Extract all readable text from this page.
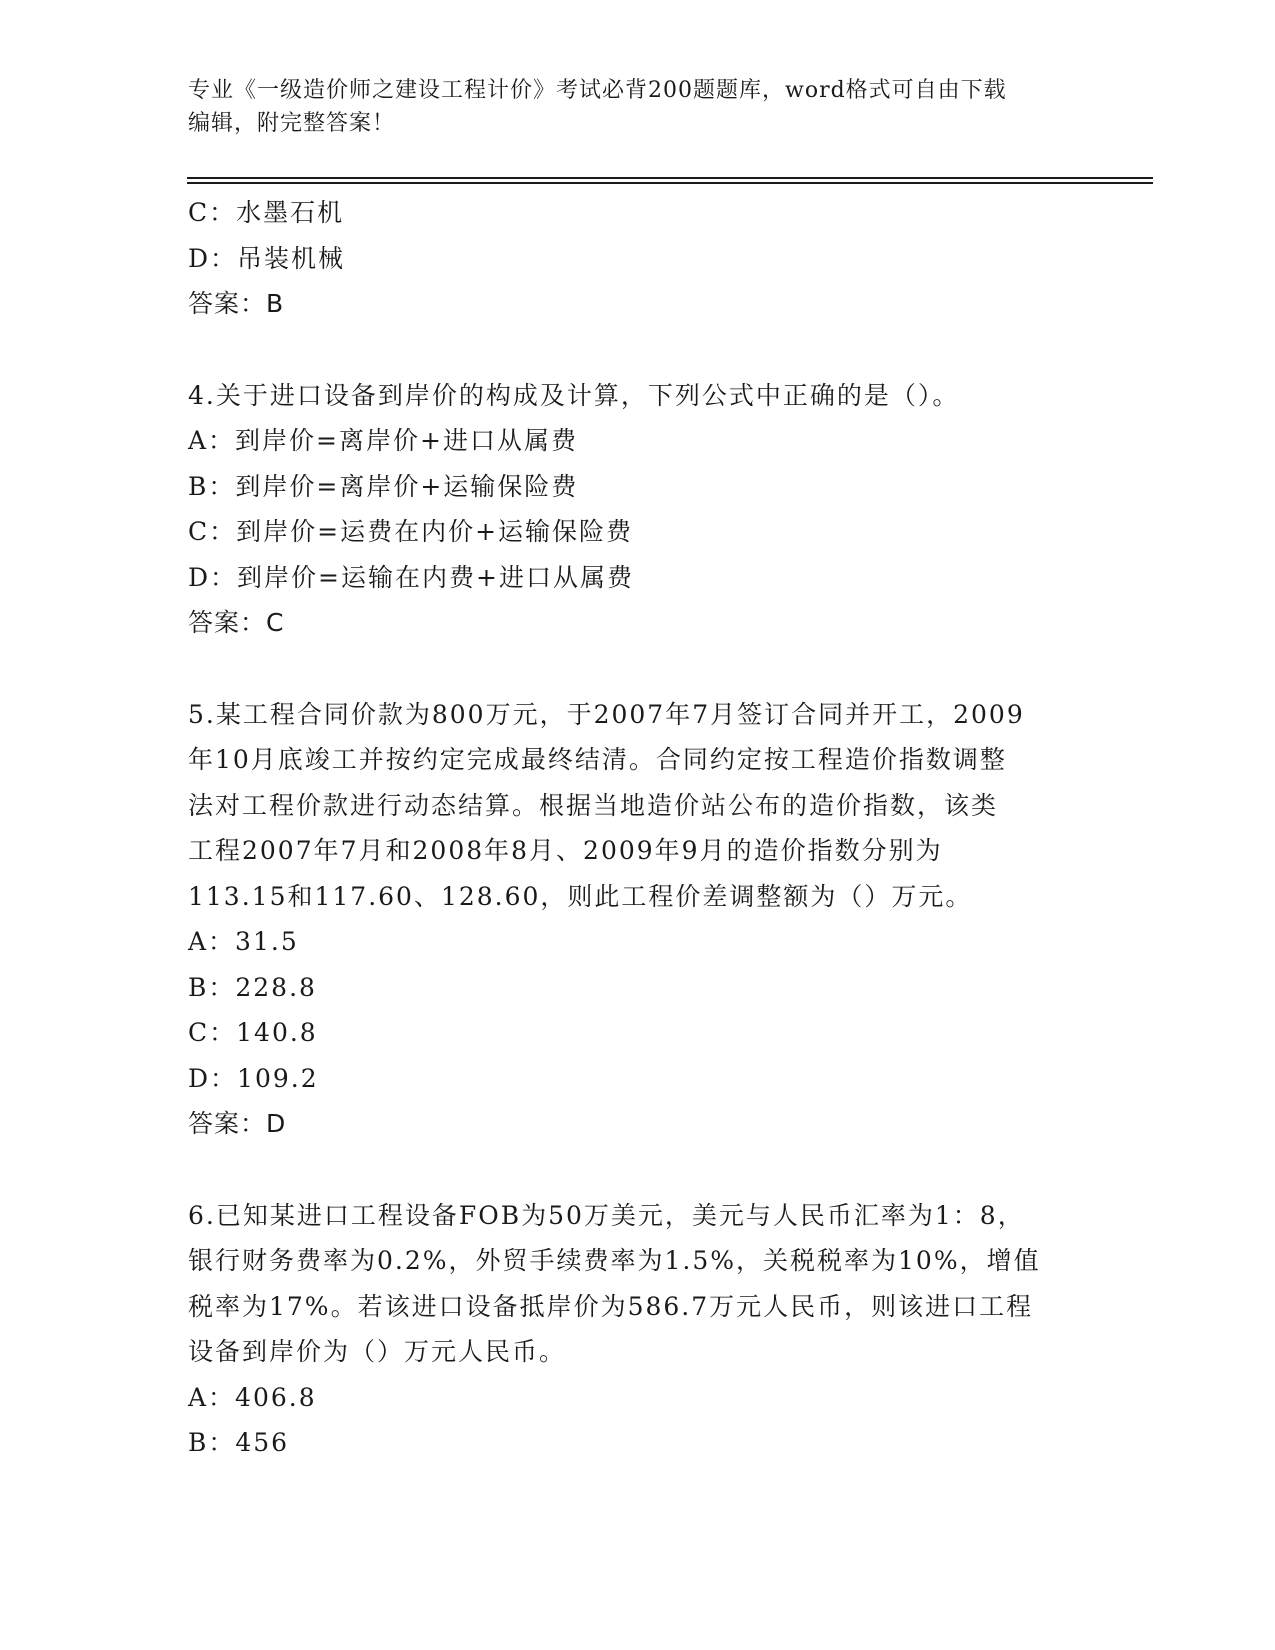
专业《一级造价师之建设工程计价》考试必背200题题库，word格式可自由下载
编辑，附完整答案！
C：水墨石机
D：吊装机械
答案：B
4.关于进口设备到岸价的构成及计算，下列公式中正确的是（）。
A：到岸价=离岸价+进口从属费
B：到岸价=离岸价+运输保险费
C：到岸价=运费在内价+运输保险费
D：到岸价=运输在内费+进口从属费
答案：C
5.某工程合同价款为800万元，于2007年7月签订合同并开工，2009
年10月底竣工并按约定完成最终结清。合同约定按工程造价指数调整
法对工程价款进行动态结算。根据当地造价站公布的造价指数，该类
工程2007年7月和2008年8月、2009年9月的造价指数分别为
113.15和117.60、128.60，则此工程价差调整额为（）万元。
A：31.5
B：228.8
C：140.8
D：109.2
答案：D
6.已知某进口工程设备FOB为50万美元，美元与人民币汇率为1：8，
银行财务费率为0.2%，外贸手续费率为1.5%，关税税率为10%，增值
税率为17%。若该进口设备抵岸价为586.7万元人民币，则该进口工程
设备到岸价为（）万元人民币。
A：406.8
B：456
